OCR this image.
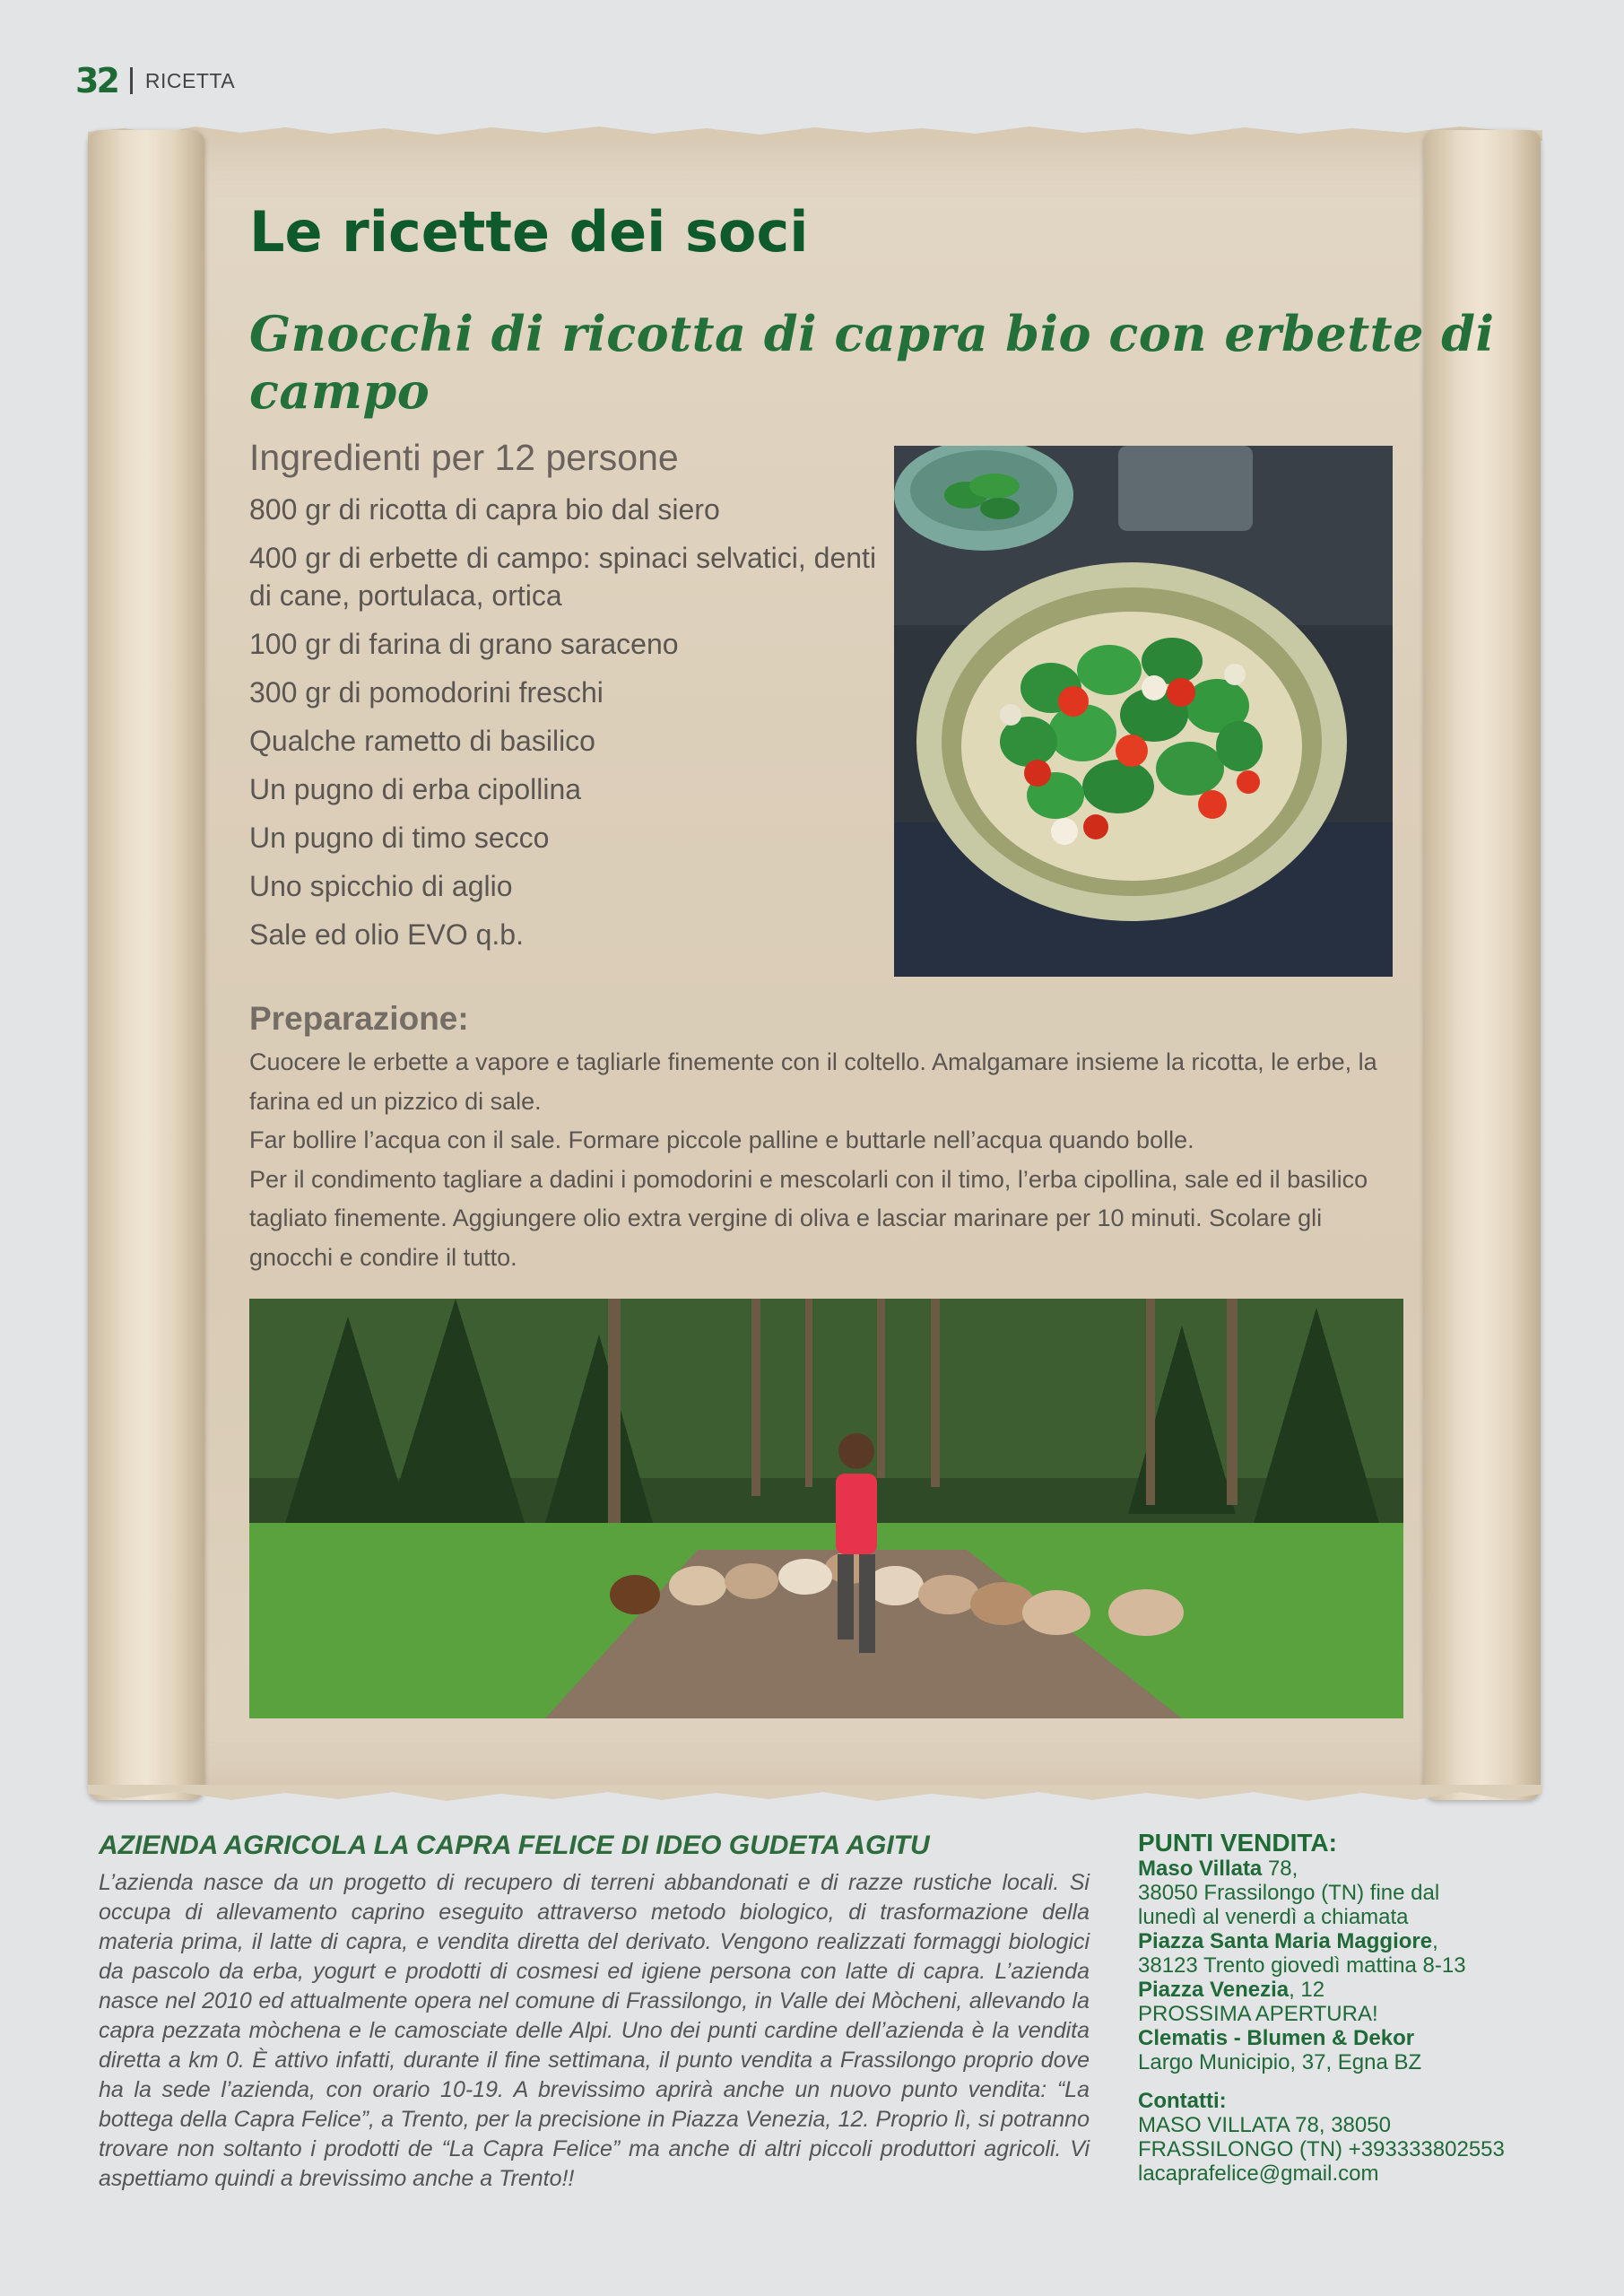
32 RICETTA
Le ricette dei soci
Gnocchi di ricotta di capra bio con erbette di campo
Ingredienti per 12 persone
800 gr di ricotta di capra bio dal siero
400 gr di erbette di campo: spinaci selvatici, denti di cane, portulaca, ortica
100 gr di farina di grano saraceno
300 gr di pomodorini freschi
Qualche rametto di basilico
Un pugno di erba cipollina
Un pugno di timo secco
Uno spicchio di aglio
Sale ed olio EVO q.b.
Preparazione:

Cuocere le erbette a vapore e tagliarle finemente con il coltello. Amalgamare insieme la ricotta, le erbe, la farina ed un pizzico di sale.

Far bollire l’acqua con il sale. Formare piccole palline e buttarle nell’acqua quando bolle.

Per il condimento tagliare a dadini i pomodorini e mescolarli con il timo, l’erba cipollina, sale ed il basilico tagliato finemente. Aggiungere olio extra vergine di oliva e lasciar marinare per 10 minuti. Scolare gli gnocchi e condire il tutto.

AZIENDA AGRICOLA LA CAPRA FELICE DI IDEO GUDETA AGITU

L’azienda nasce da un progetto di recupero di terreni abbandonati e di razze rustiche locali. Si occupa di allevamento caprino eseguito attraverso metodo biologico, di trasformazione della materia prima, il latte di capra, e vendita diretta del derivato. Vengono realizzati formaggi biologici da pascolo da erba, yogurt e prodotti di cosmesi ed igiene persona con latte di capra. L’azienda nasce nel 2010 ed attualmente opera nel comune di Frassilongo, in Valle dei Mòcheni, allevando la capra pezzata mòchena e le camosciate delle Alpi. Uno dei punti cardine dell’azienda è la vendita diretta a km 0. È attivo infatti, durante il fine settimana, il punto vendita a Frassilongo proprio dove ha la sede l’azienda, con orario 10-19. A brevissimo aprirà anche un nuovo punto vendita: “La bottega della Capra Felice”, a Trento, per la precisione in Piazza Venezia, 12. Proprio lì, si potranno trovare non soltanto i prodotti de “La Capra Felice” ma anche di altri piccoli produttori agricoli. Vi aspettiamo quindi a brevissimo anche a Trento!!

PUNTI VENDITA:
Maso Villata 78,
38050 Frassilongo (TN) fine dal
lunedì al venerdì a chiamata
Piazza Santa Maria Maggiore,
38123 Trento giovedì mattina 8-13
Piazza Venezia, 12
PROSSIMA APERTURA!
Clematis - Blumen & Dekor
Largo Municipio, 37, Egna BZ
Contatti:
MASO VILLATA 78, 38050
FRASSILONGO (TN) +393333802553
lacaprafelice@gmail.com
